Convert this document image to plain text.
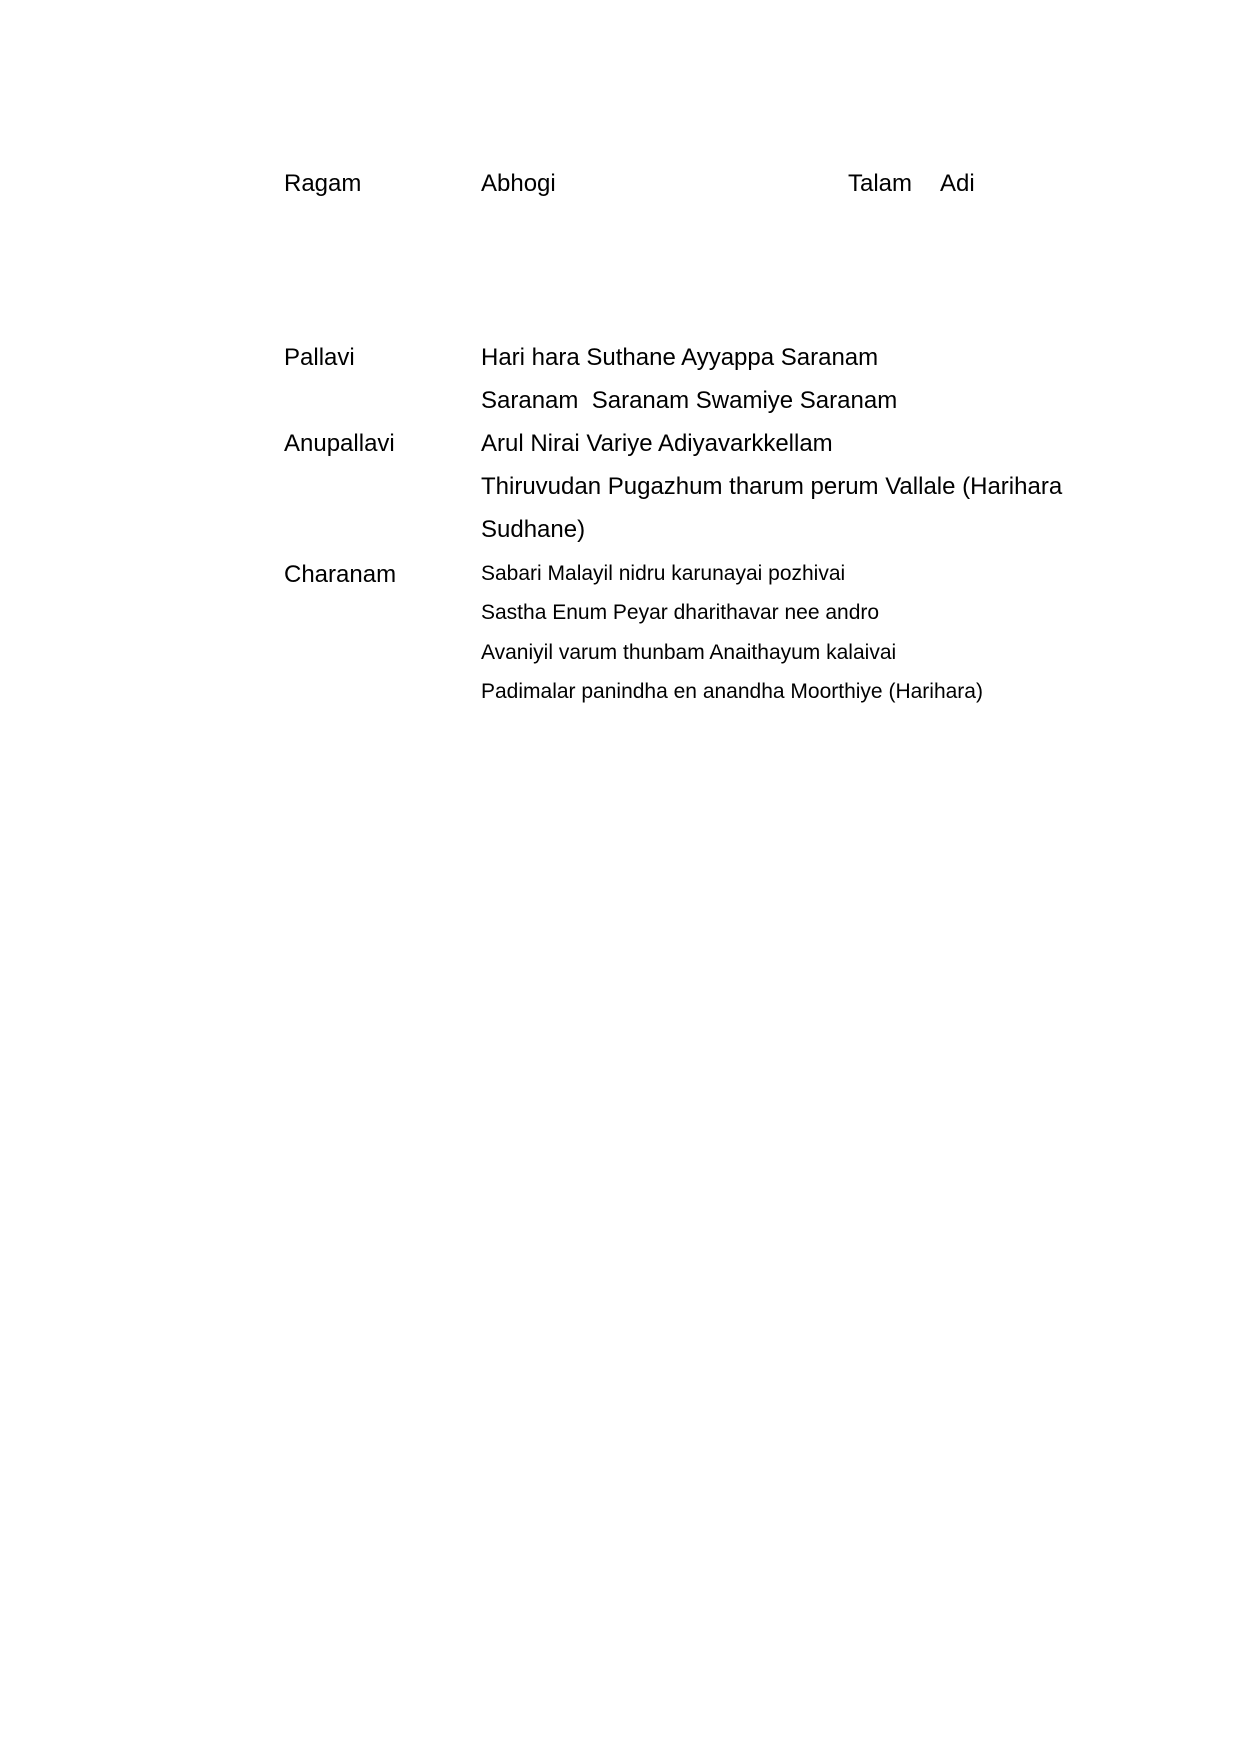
Ragam	Abhogi	Talam Adi
Pallavi	Hari hara Suthane Ayyappa Saranam
Saranam  Saranam Swamiye Saranam
Anupallavi	Arul Nirai Variye Adiyavarkkellam
Thiruvudan Pugazhum tharum perum Vallale (Harihara
Sudhane)
Charanam	Sabari Malayil nidru karunayai pozhivai
Sastha Enum Peyar dharithavar nee andro
Avaniyil varum thunbam Anaithayum kalaivai
Padimalar panindha en anandha Moorthiye (Harihara)
